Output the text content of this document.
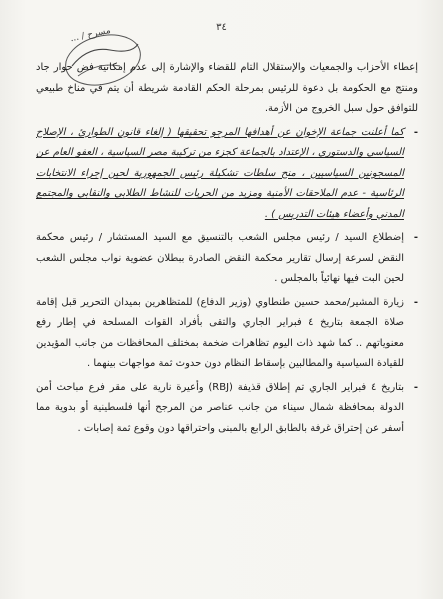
٣٤
مسرح / ...

إعطاء الأحزاب والجمعيات والإستقلال التام للقضاء والإشارة إلى عدم إمكانية فض حوار جاد ومنتج مع الحكومة بل دعوة للرئيس بمرحلة الحكم القادمة شريطة أن يتم في مناخ طبيعي للتوافق حول سبل الخروج من الأزمة.

-
كما أعلنت جماعة الإخوان عن أهدافها المرجو تحقيقها ( إلغاء قانون الطوارئ ، الإصلاح السياسي والدستوري ، الإعتداد بالجماعة كجزء من تركيبة مصر السياسية ، العفو العام عن المسجونين السياسيين ، منح سلطات تشكيلة رئيس الجمهورية لحين إجراء الانتخابات الرئاسية - عدم الملاحقات الأمنية ومزيد من الحريات للنشاط الطلابي والنقابي والمجتمع المدني وأعضاء هيئات التدريس ) .

-
إضطلاع السيد / رئيس مجلس الشعب بالتنسيق مع السيد المستشار / رئيس محكمة النقض لسرعة إرسال تقارير محكمة النقض الصادرة ببطلان عضوية نواب مجلس الشعب لحين البت فيها نهائياً بالمجلس .

-
زيارة المشير/محمد حسين طنطاوي (وزير الدفاع) للمتظاهرين بميدان التحرير قبل إقامة صلاة الجمعة بتاريخ ٤ فبراير الجاري والتقى بأفراد القوات المسلحة في إطار رفع معنوياتهم .. كما شهد ذات اليوم تظاهرات ضخمة بمختلف المحافظات من جانب المؤيدين للقيادة السياسية والمطالبين بإسقاط النظام دون حدوث ثمة مواجهات بينهما .

-
بتاريخ ٤ فبراير الجاري تم إطلاق قذيفة (RBJ) وأعيرة نارية على مقر فرع مباحث أمن الدولة بمحافظة شمال سيناء من جانب عناصر من المرجح أنها فلسطينية أو بدوية مما أسفر عن إحتراق غرفة بالطابق الرابع بالمبنى واحتراقها دون وقوع ثمة إصابات .
